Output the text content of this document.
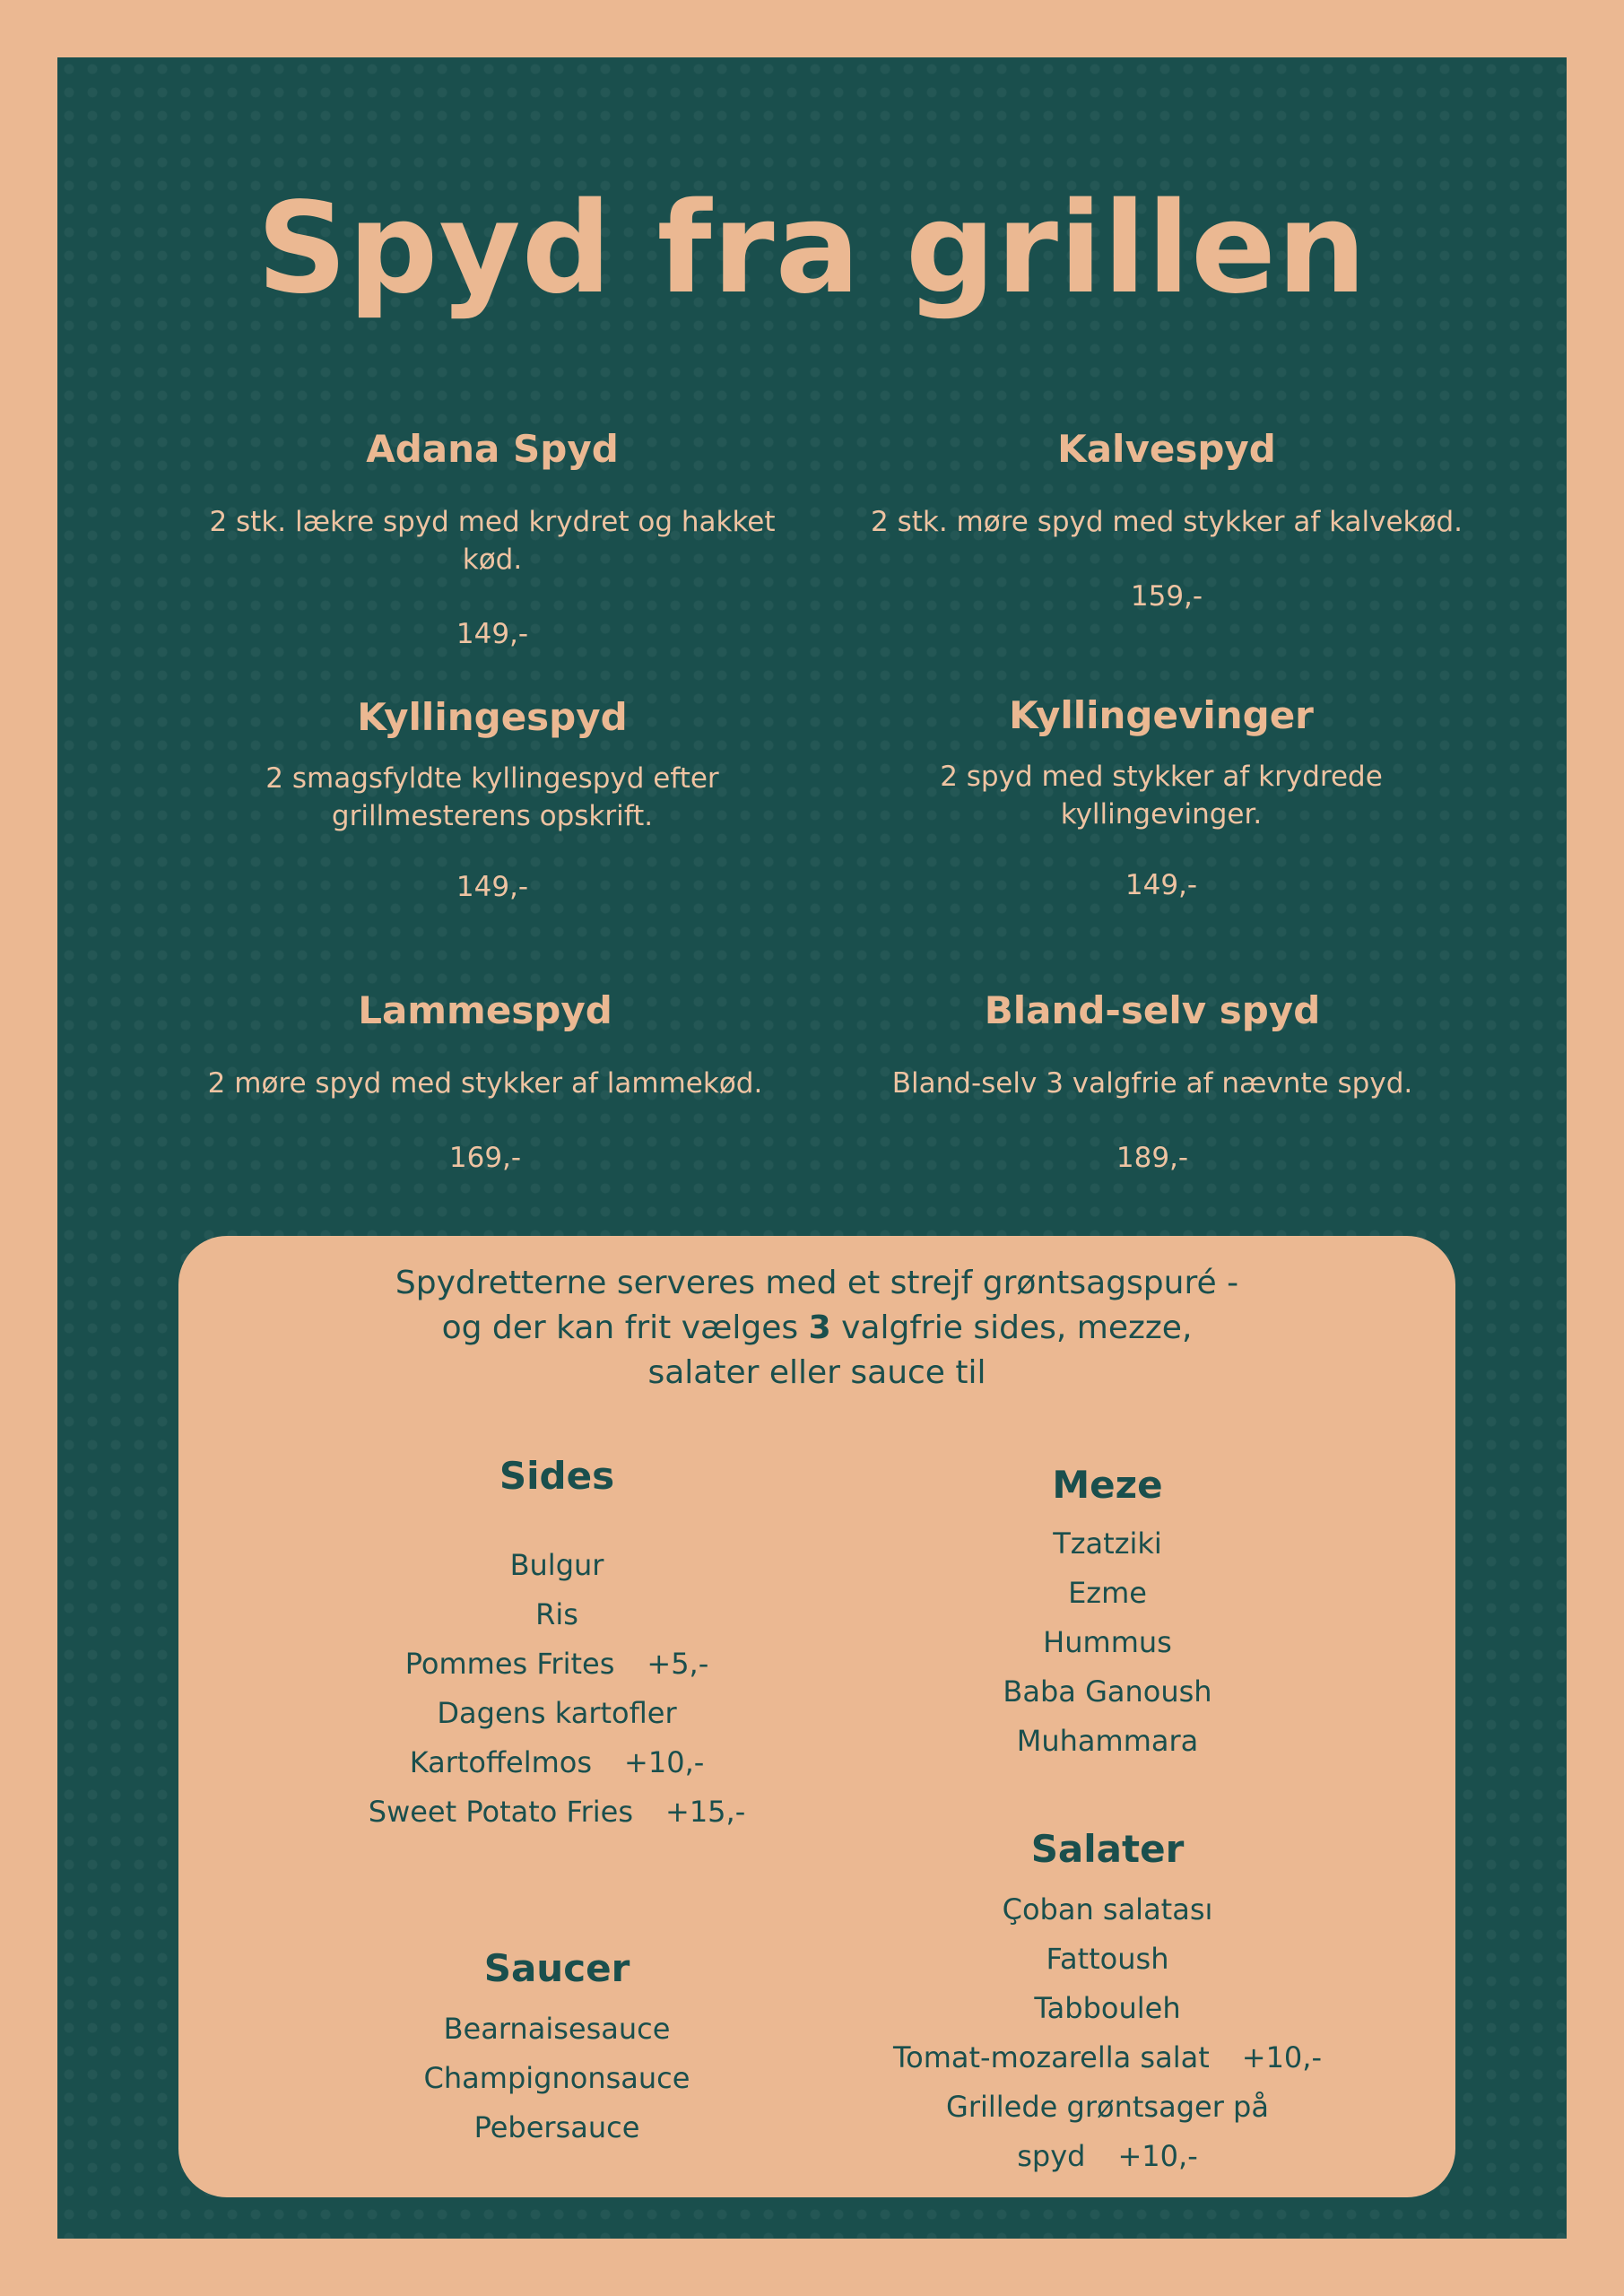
Spyd fra grillen
Adana Spyd
2 stk. lækre spyd med krydret og hakket kød.
149,-
Kalvespyd
2 stk. møre spyd med stykker af kalvekød.
159,-
Kyllingespyd
2 smagsfyldte kyllingespyd efter grillmesterens opskrift.
149,-
Kyllingevinger
2 spyd med stykker af krydrede kyllingevinger.
149,-
Lammespyd
2 møre spyd med stykker af lammekød.
169,-
Bland-selv spyd
Bland-selv 3 valgfrie af nævnte spyd.
189,-
Spydretterne serveres med et strejf grøntsagspuré -
og der kan frit vælges 3 valgfrie sides, mezze,
salater eller sauce til
Sides
Bulgur
Ris
Pommes Frites +5,-
Dagens kartofler
Kartoffelmos +10,-
Sweet Potato Fries +15,-
Saucer
Bearnaisesauce
Champignonsauce
Pebersauce
Meze
Tzatziki
Ezme
Hummus
Baba Ganoush
Muhammara
Salater
Çoban salatası
Fattoush
Tabbouleh
Tomat-mozarella salat +10,-
Grillede grøntsager på spyd +10,-
